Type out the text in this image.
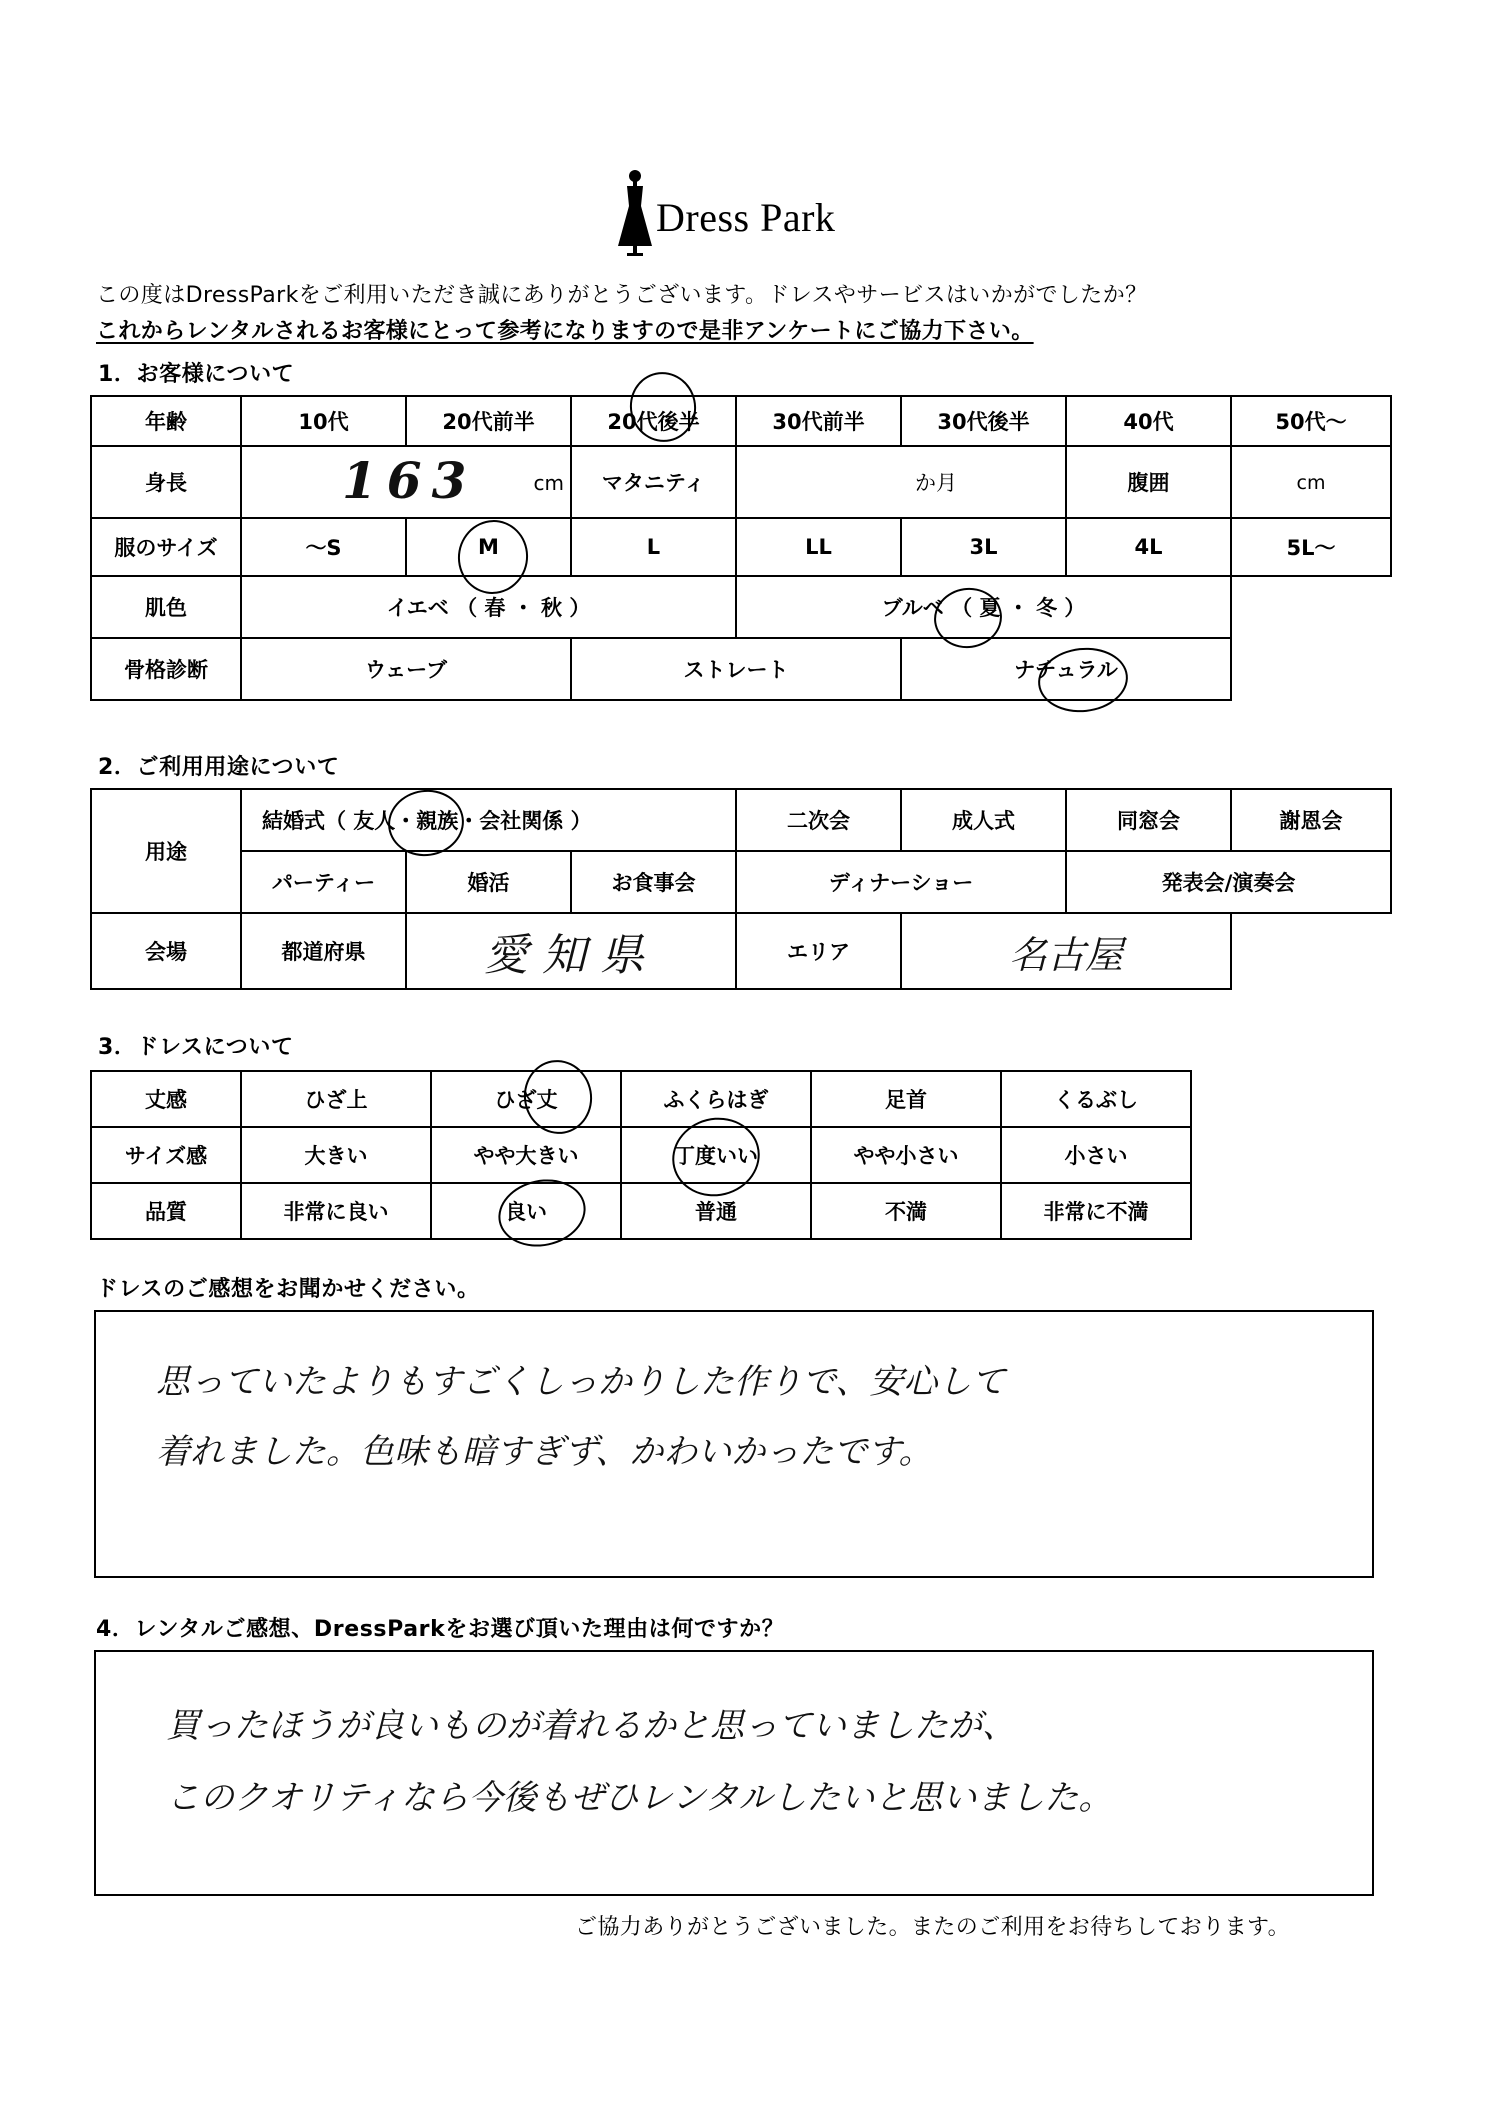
Dress Park
この度はDressParkをご利用いただき誠にありがとうございます。ドレスやサービスはいかがでしたか？
これからレンタルされるお客様にとって参考になりますので是非アンケートにご協力下さい。
1．お客様について
年齢	10代	20代前半	20代後半	30代前半	30代後半	40代	50代～
身長	163 cm		マタニティ	か月		腹囲	cm
服のサイズ	～S	M	L	LL	3L	4L	5L～
肌色	イエベ （ 春 ・ 秋 ）			ブルベ （ 夏 ・ 冬 ）			
骨格診断	ウェーブ		ストレート		ナチュラル		
2．ご利用用途について
用途	結婚式（ 友人・親族・会社関係 ）			二次会	成人式	同窓会	謝恩会
	パーティー	婚活	お食事会	ディナーショー		発表会/演奏会	
会場	都道府県	愛知県		エリア	名古屋		
3．ドレスについて
丈感	ひざ上	ひざ丈	ふくらはぎ	足首	くるぶし
サイズ感	大きい	やや大きい	丁度いい	やや小さい	小さい
品質	非常に良い	良い	普通	不満	非常に不満
ドレスのご感想をお聞かせください。
思っていたよりもすごくしっかりした作りで、安心して
着れました。色味も暗すぎず、かわいかったです。
4．レンタルご感想、DressParkをお選び頂いた理由は何ですか？
買ったほうが良いものが着れるかと思っていましたが、
このクオリティなら今後もぜひレンタルしたいと思いました。
ご協力ありがとうございました。またのご利用をお待ちしております。
